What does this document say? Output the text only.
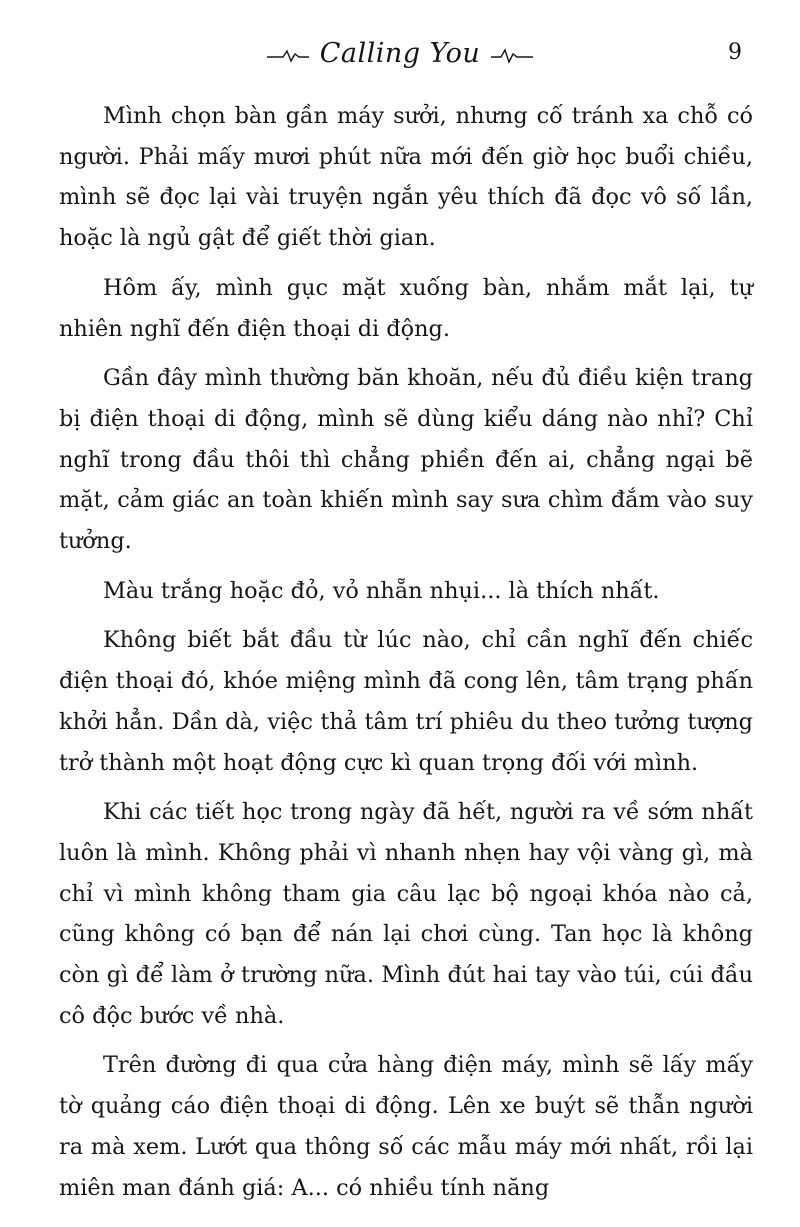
Calling You	9

Mình chọn bàn gần máy sưởi, nhưng cố tránh xa chỗ có người. Phải mấy mươi phút nữa mới đến giờ học buổi chiều, mình sẽ đọc lại vài truyện ngắn yêu thích đã đọc vô số lần, hoặc là ngủ gật để giết thời gian.

Hôm ấy, mình gục mặt xuống bàn, nhắm mắt lại, tự nhiên nghĩ đến điện thoại di động.

Gần đây mình thường băn khoăn, nếu đủ điều kiện trang bị điện thoại di động, mình sẽ dùng kiểu dáng nào nhỉ? Chỉ nghĩ trong đầu thôi thì chẳng phiền đến ai, chẳng ngại bẽ mặt, cảm giác an toàn khiến mình say sưa chìm đắm vào suy tưởng.

Màu trắng hoặc đỏ, vỏ nhẵn nhụi... là thích nhất.

Không biết bắt đầu từ lúc nào, chỉ cần nghĩ đến chiếc điện thoại đó, khóe miệng mình đã cong lên, tâm trạng phấn khởi hẳn. Dần dà, việc thả tâm trí phiêu du theo tưởng tượng trở thành một hoạt động cực kì quan trọng đối với mình.

Khi các tiết học trong ngày đã hết, người ra về sớm nhất luôn là mình. Không phải vì nhanh nhẹn hay vội vàng gì, mà chỉ vì mình không tham gia câu lạc bộ ngoại khóa nào cả, cũng không có bạn để nán lại chơi cùng. Tan học là không còn gì để làm ở trường nữa. Mình đút hai tay vào túi, cúi đầu cô độc bước về nhà.

Trên đường đi qua cửa hàng điện máy, mình sẽ lấy mấy tờ quảng cáo điện thoại di động. Lên xe buýt sẽ thẫn người ra mà xem. Lướt qua thông số các mẫu máy mới nhất, rồi lại miên man đánh giá: A... có nhiều tính năng
